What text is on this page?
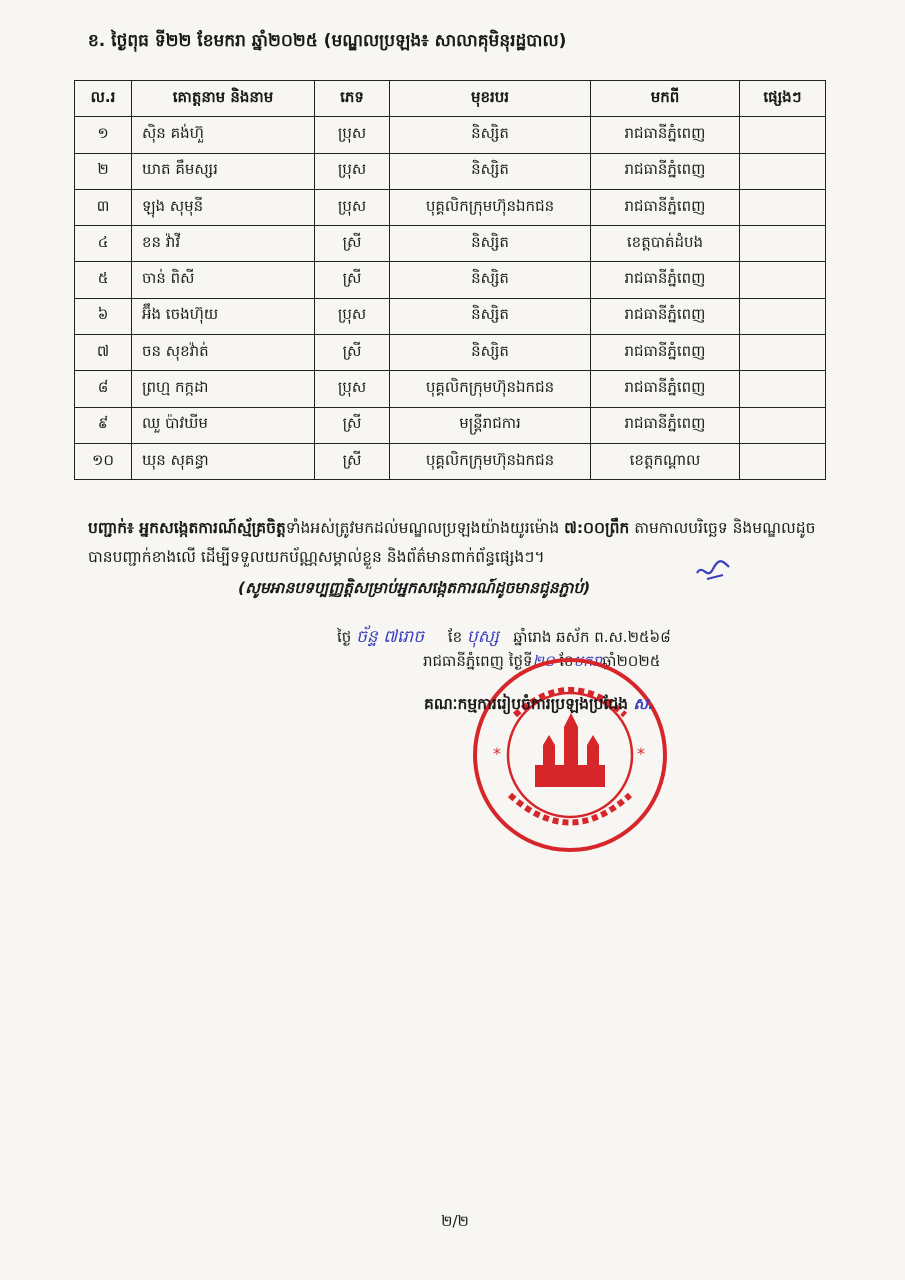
ខ. ថ្ងៃពុធ ទី២២ ខែមករា ឆ្នាំ២០២៥ (មណ្ឌលប្រឡង៖ សាលាគុមិនុរដ្ឋបាល)
ល.រ	គោត្តនាម និងនាម	ភេទ	មុខរបរ	មកពី	ផ្សេងៗ
១	ស៊ិន គង់ហ៊ួ	ប្រុស	និស្សិត	រាជធានីភ្នំពេញ	
២	ឃាត គឹមស្សរ	ប្រុស	និស្សិត	រាជធានីភ្នំពេញ	
៣	ឡុង សុមុនី	ប្រុស	បុគ្គលិកក្រុមហ៊ុនឯកជន	រាជធានីភ្នំពេញ	
៤	ខន វ៉ាវី	ស្រី	និស្សិត	ខេត្តបាត់ដំបង	
៥	ចាន់ ពិសី	ស្រី	និស្សិត	រាជធានីភ្នំពេញ	
៦	អ៊ឹង ចេងហ៊ុយ	ប្រុស	និស្សិត	រាជធានីភ្នំពេញ	
៧	ចន សុខវ៉ាត់	ស្រី	និស្សិត	រាជធានីភ្នំពេញ	
៨	ព្រហ្ម កក្កដា	ប្រុស	បុគ្គលិកក្រុមហ៊ុនឯកជន	រាជធានីភ្នំពេញ	
៩	ឈួ ប៉ាវឃីម	ស្រី	មន្ត្រីរាជការ	រាជធានីភ្នំពេញ	
១០	ឃុន សុគន្ធា	ស្រី	បុគ្គលិកក្រុមហ៊ុនឯកជន	ខេត្តកណ្តាល	
បញ្ជាក់៖ អ្នកសង្កេតការណ៍ស្ម័គ្រចិត្តទាំងអស់ត្រូវមកដល់មណ្ឌលប្រឡងយ៉ាងយូរម៉ោង ៧:០០ព្រឹក តាមកាលបរិច្ឆេទ និងមណ្ឌលដូចបានបញ្ជាក់ខាងលើ ដើម្បីទទួលយកប័ណ្ណសម្គាល់ខ្លួន និងព័ត៌មានពាក់ព័ន្ធផ្សេងៗ។
(សូមអានបទប្បញ្ញត្តិសម្រាប់អ្នកសង្កេតការណ៍ដូចមានជូនភ្ជាប់)
ថ្ងៃ ច័ន្ទ ៧រោច ខែ បុស្ស ឆ្នាំរោង ឆស័ក ព.ស.២៥៦៨
រាជធានីភ្នំពេញ ថ្ងៃទី២០ ខែមករាឆ្នាំ២០២៥
*	*
គណៈកម្មការរៀបចំការប្រឡងប្រជែង ស.
២/២
